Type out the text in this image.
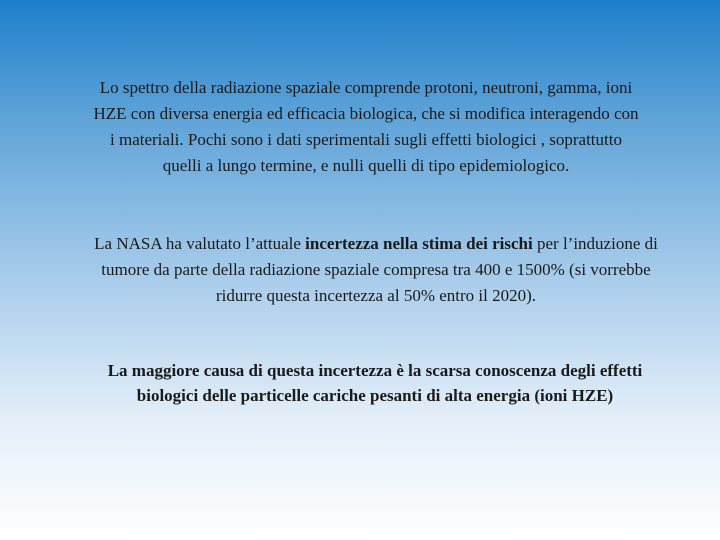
Lo spettro della radiazione spaziale comprende protoni, neutroni, gamma, ioni HZE con diversa energia ed efficacia biologica, che si modifica interagendo con i materiali. Pochi sono i dati sperimentali sugli effetti biologici , soprattutto quelli a lungo termine, e nulli quelli di tipo epidemiologico.

La NASA ha valutato l’attuale incertezza nella stima dei rischi per l’induzione di tumore da parte della radiazione spaziale compresa tra 400 e 1500% (si vorrebbe ridurre questa incertezza al 50% entro il 2020).

La maggiore causa di questa incertezza è la scarsa conoscenza degli effetti biologici delle particelle cariche pesanti di alta energia (ioni HZE)
